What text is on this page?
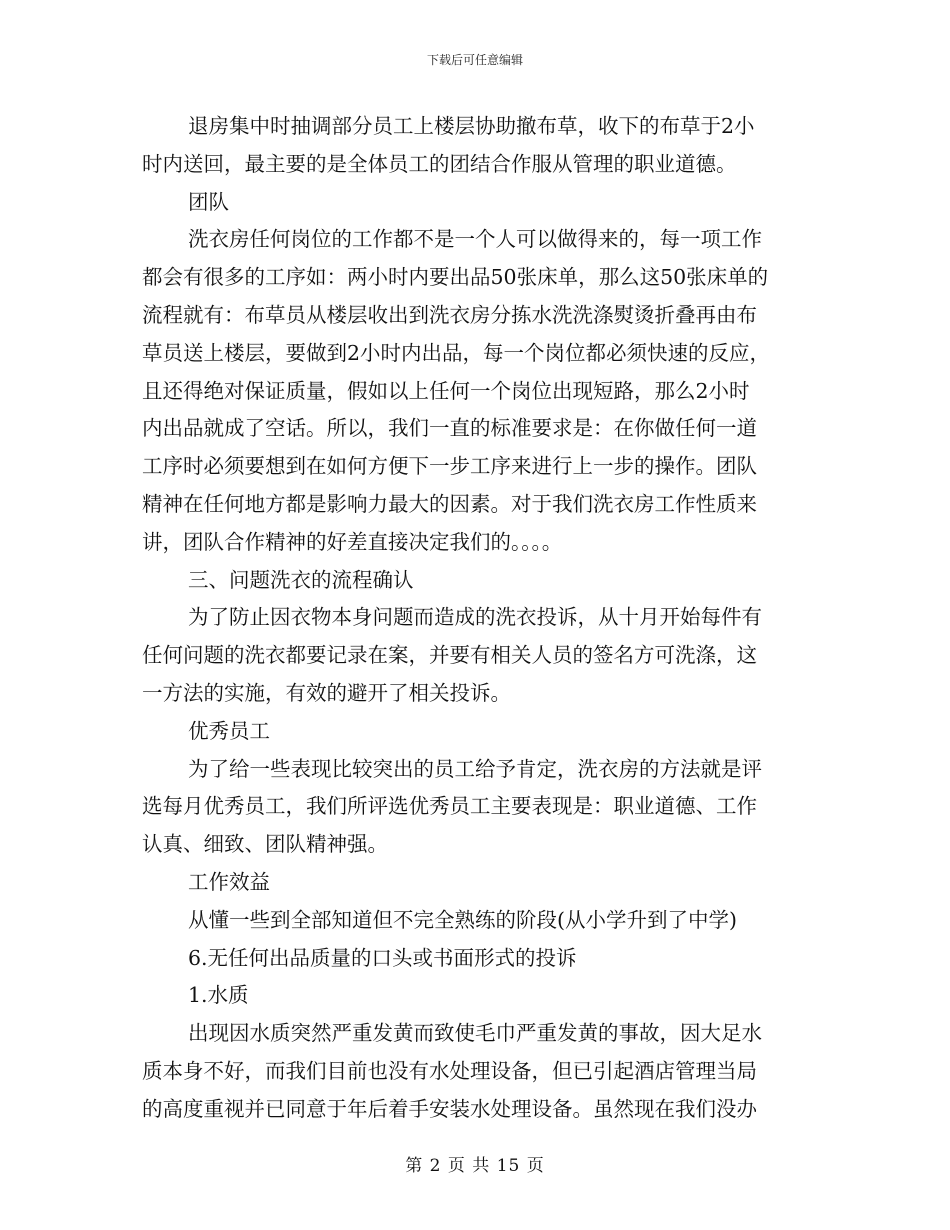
下载后可任意编辑
退房集中时抽调部分员工上楼层协助撤布草，收下的布草于2小
时内送回，最主要的是全体员工的团结合作服从管理的职业道德。
团队
洗衣房任何岗位的工作都不是一个人可以做得来的，每一项工作
都会有很多的工序如：两小时内要出品50张床单，那么这50张床单的
流程就有：布草员从楼层收出到洗衣房分拣水洗洗涤熨烫折叠再由布
草员送上楼层，要做到2小时内出品，每一个岗位都必须快速的反应，
且还得绝对保证质量，假如以上任何一个岗位出现短路，那么2小时
内出品就成了空话。所以，我们一直的标准要求是：在你做任何一道
工序时必须要想到在如何方便下一步工序来进行上一步的操作。团队
精神在任何地方都是影响力最大的因素。对于我们洗衣房工作性质来
讲，团队合作精神的好差直接决定我们的。。。。
三、问题洗衣的流程确认
为了防止因衣物本身问题而造成的洗衣投诉，从十月开始每件有
任何问题的洗衣都要记录在案，并要有相关人员的签名方可洗涤，这
一方法的实施，有效的避开了相关投诉。
优秀员工
为了给一些表现比较突出的员工给予肯定，洗衣房的方法就是评
选每月优秀员工，我们所评选优秀员工主要表现是：职业道德、工作
认真、细致、团队精神强。
工作效益
从懂一些到全部知道但不完全熟练的阶段(从小学升到了中学)
6.无任何出品质量的口头或书面形式的投诉
1.水质
出现因水质突然严重发黄而致使毛巾严重发黄的事故，因大足水
质本身不好，而我们目前也没有水处理设备，但已引起酒店管理当局
的高度重视并已同意于年后着手安装水处理设备。虽然现在我们没办
第 2 页 共 15 页
